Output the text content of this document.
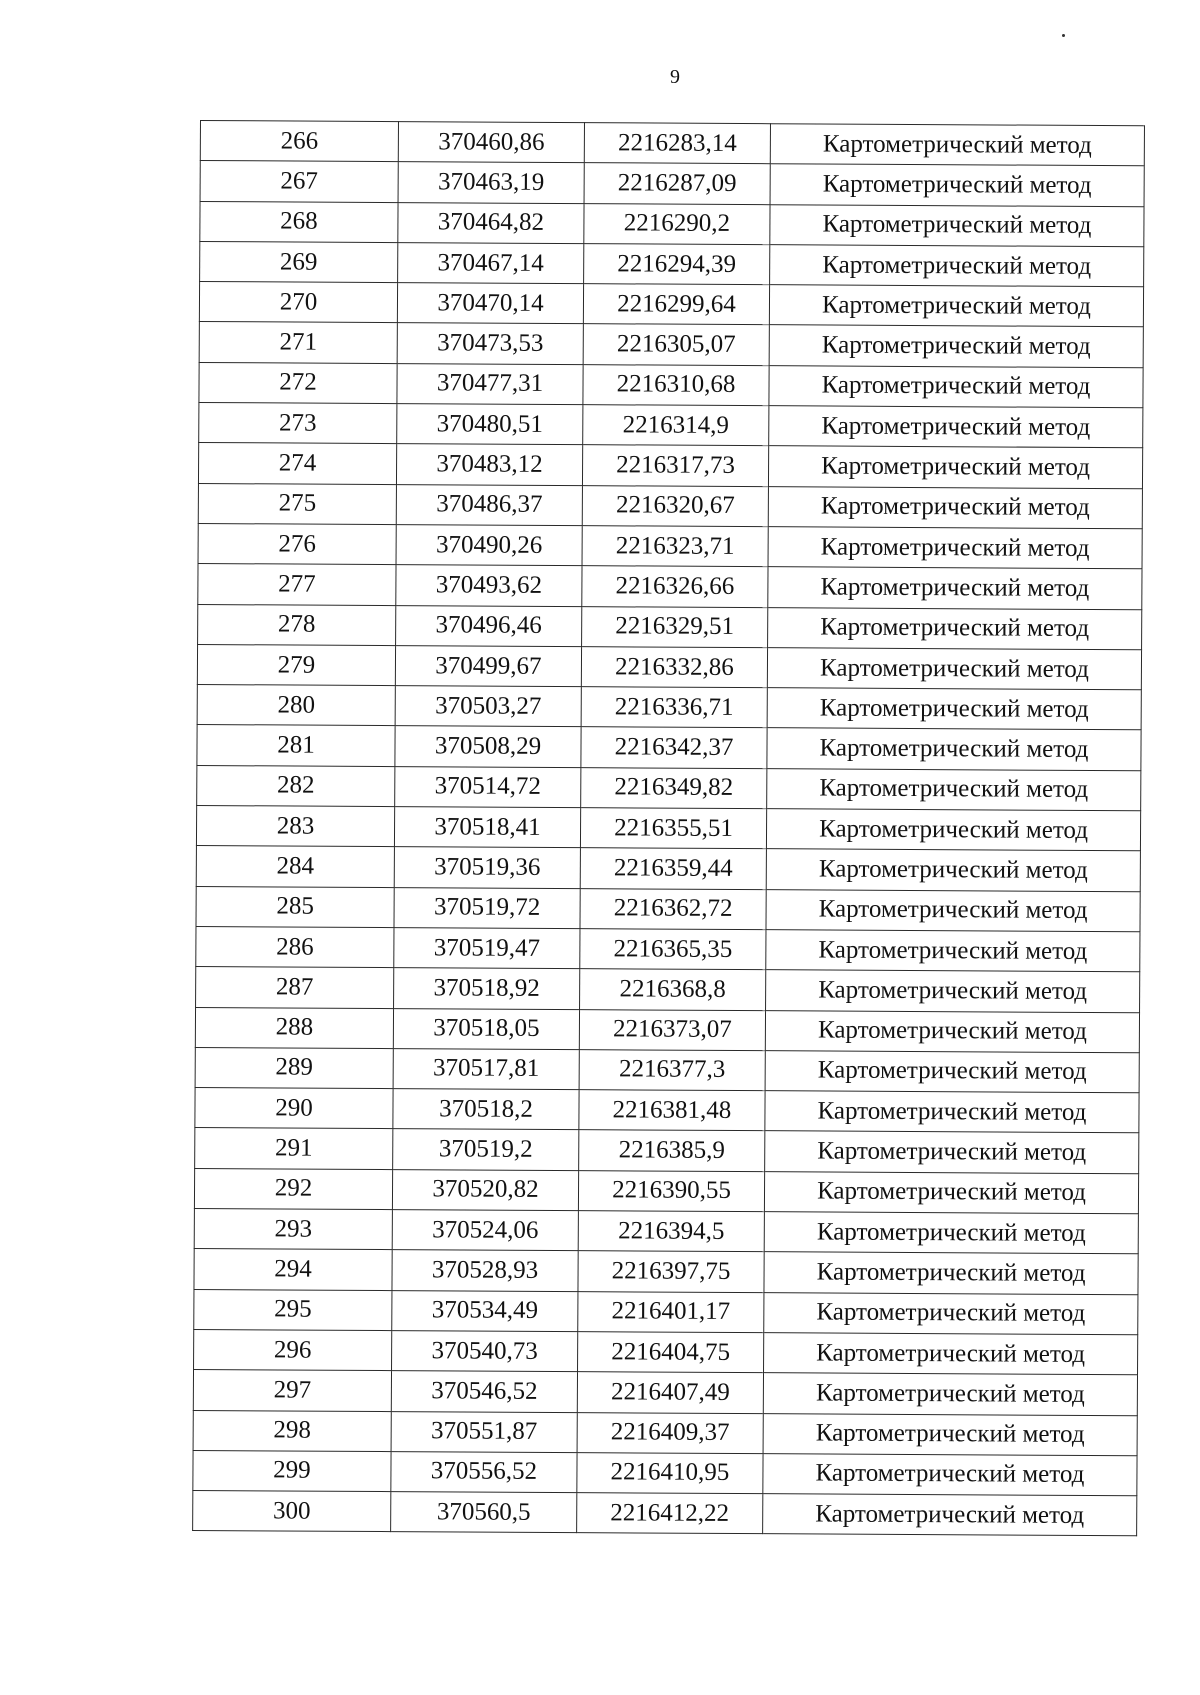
9
266	370460,86	2216283,14	Картометрический метод
267	370463,19	2216287,09	Картометрический метод
268	370464,82	2216290,2	Картометрический метод
269	370467,14	2216294,39	Картометрический метод
270	370470,14	2216299,64	Картометрический метод
271	370473,53	2216305,07	Картометрический метод
272	370477,31	2216310,68	Картометрический метод
273	370480,51	2216314,9	Картометрический метод
274	370483,12	2216317,73	Картометрический метод
275	370486,37	2216320,67	Картометрический метод
276	370490,26	2216323,71	Картометрический метод
277	370493,62	2216326,66	Картометрический метод
278	370496,46	2216329,51	Картометрический метод
279	370499,67	2216332,86	Картометрический метод
280	370503,27	2216336,71	Картометрический метод
281	370508,29	2216342,37	Картометрический метод
282	370514,72	2216349,82	Картометрический метод
283	370518,41	2216355,51	Картометрический метод
284	370519,36	2216359,44	Картометрический метод
285	370519,72	2216362,72	Картометрический метод
286	370519,47	2216365,35	Картометрический метод
287	370518,92	2216368,8	Картометрический метод
288	370518,05	2216373,07	Картометрический метод
289	370517,81	2216377,3	Картометрический метод
290	370518,2	2216381,48	Картометрический метод
291	370519,2	2216385,9	Картометрический метод
292	370520,82	2216390,55	Картометрический метод
293	370524,06	2216394,5	Картометрический метод
294	370528,93	2216397,75	Картометрический метод
295	370534,49	2216401,17	Картометрический метод
296	370540,73	2216404,75	Картометрический метод
297	370546,52	2216407,49	Картометрический метод
298	370551,87	2216409,37	Картометрический метод
299	370556,52	2216410,95	Картометрический метод
300	370560,5	2216412,22	Картометрический метод
